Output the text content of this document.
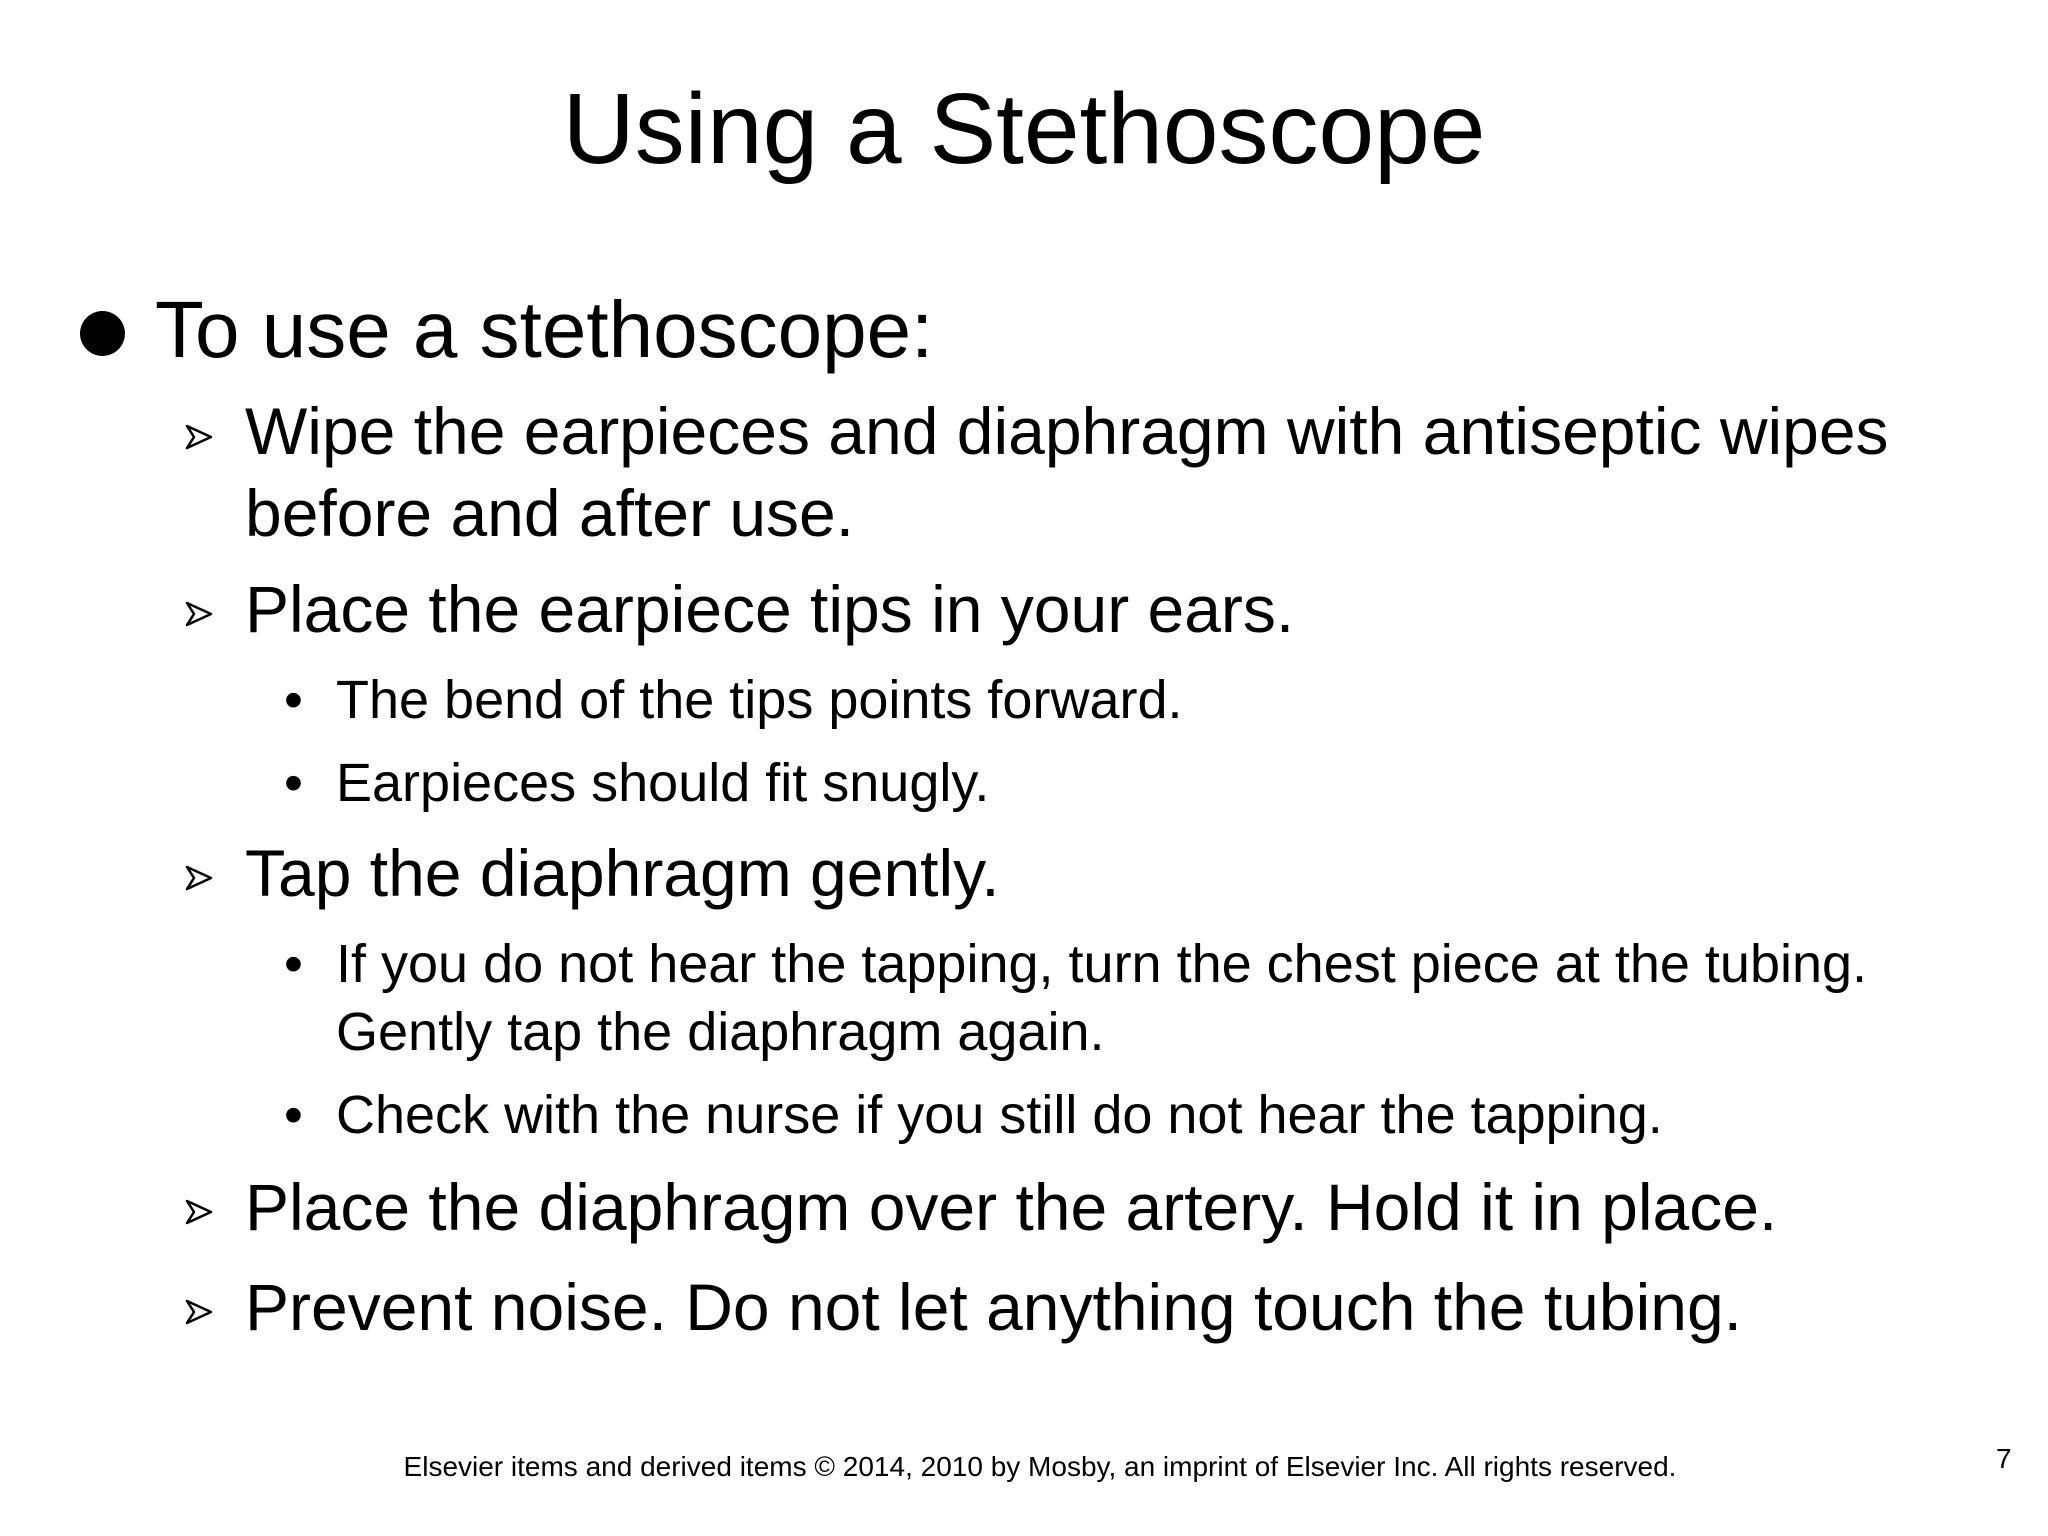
Using a Stethoscope
To use a stethoscope:
Wipe the earpieces and diaphragm with antiseptic wipes before and after use.
Place the earpiece tips in your ears.
• The bend of the tips points forward.
• Earpieces should fit snugly.
Tap the diaphragm gently.
• If you do not hear the tapping, turn the chest piece at the tubing. Gently tap the diaphragm again.
• Check with the nurse if you still do not hear the tapping.
Place the diaphragm over the artery. Hold it in place.
Prevent noise. Do not let anything touch the tubing.
Elsevier items and derived items © 2014, 2010 by Mosby, an imprint of Elsevier Inc. All rights reserved.	7
